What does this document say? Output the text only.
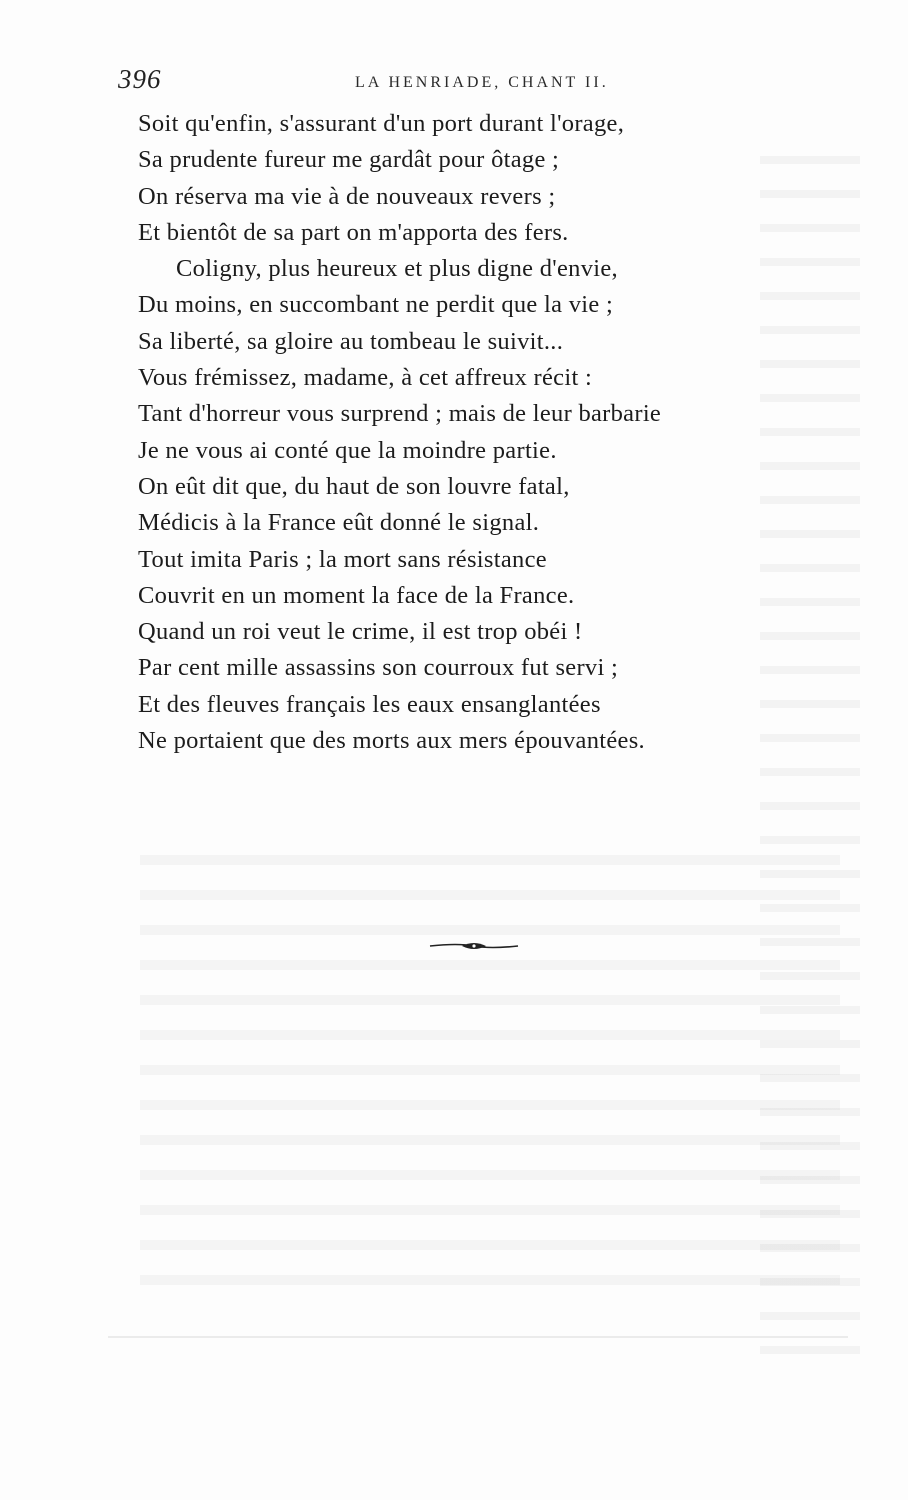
396	LA HENRIADE, CHANT II.
Soit qu'enfin, s'assurant d'un port durant l'orage,
Sa prudente fureur me gardât pour ôtage ;
On réserva ma vie à de nouveaux revers ;
Et bientôt de sa part on m'apporta des fers.
Coligny, plus heureux et plus digne d'envie,
Du moins, en succombant ne perdit que la vie ;
Sa liberté, sa gloire au tombeau le suivit...
Vous frémissez, madame, à cet affreux récit :
Tant d'horreur vous surprend ; mais de leur barbarie
Je ne vous ai conté que la moindre partie.
On eût dit que, du haut de son louvre fatal,
Médicis à la France eût donné le signal.
Tout imita Paris ; la mort sans résistance
Couvrit en un moment la face de la France.
Quand un roi veut le crime, il est trop obéi !
Par cent mille assassins son courroux fut servi ;
Et des fleuves français les eaux ensanglantées
Ne portaient que des morts aux mers épouvantées.
